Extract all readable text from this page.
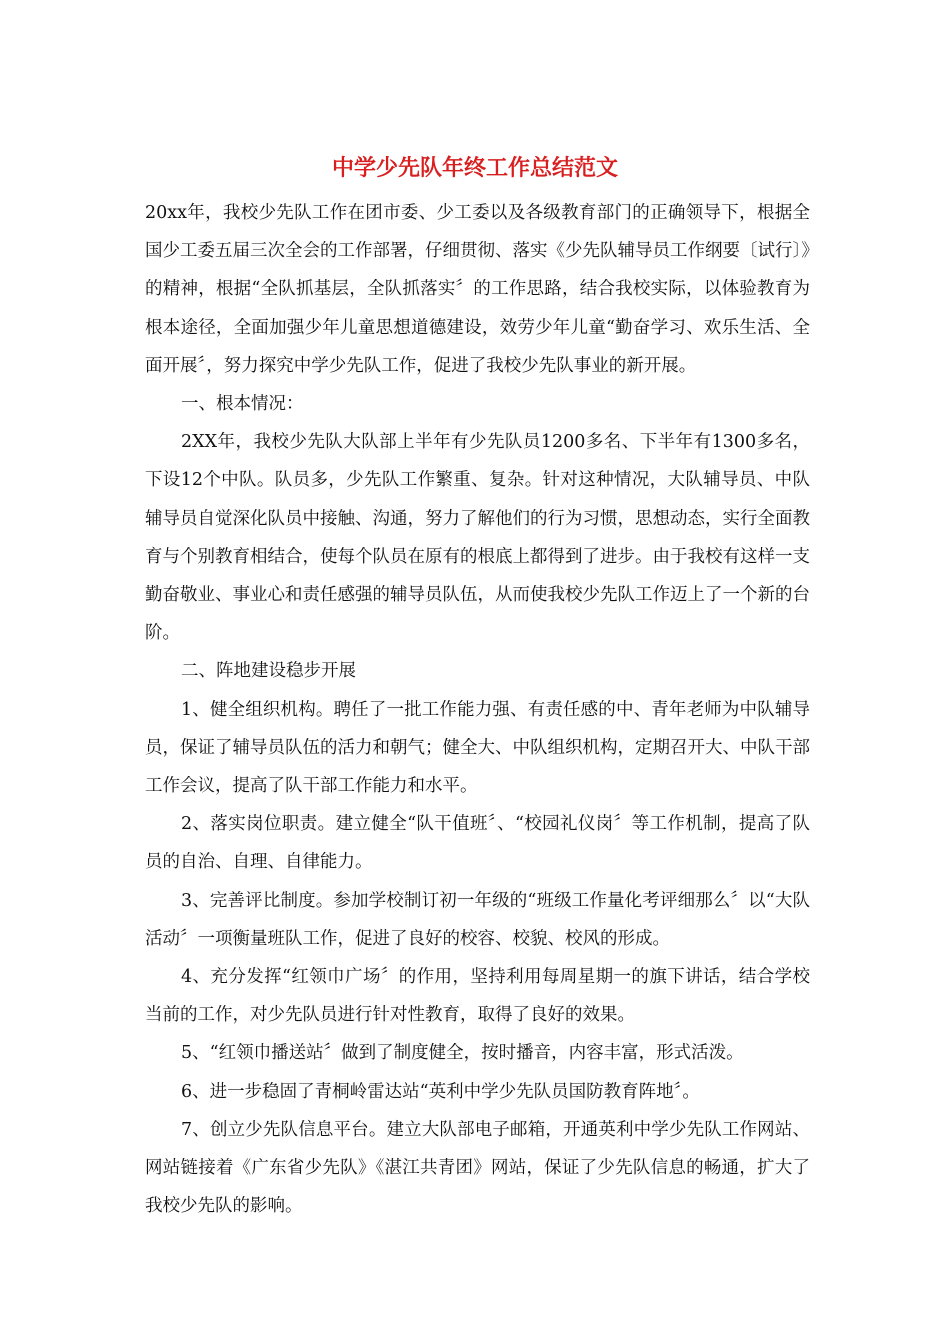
中学少先队年终工作总结范文

20xx年，我校少先队工作在团市委、少工委以及各级教育部门的正确领导下，根据全国少工委五届三次全会的工作部署，仔细贯彻、落实《少先队辅导员工作纲要〔试行〕》的精神，根据“全队抓基层，全队抓落实〞的工作思路，结合我校实际，以体验教育为根本途径，全面加强少年儿童思想道德建设，效劳少年儿童“勤奋学习、欢乐生活、全面开展〞，努力探究中学少先队工作，促进了我校少先队事业的新开展。

一、根本情况：

2XX年，我校少先队大队部上半年有少先队员1200多名、下半年有1300多名，下设12个中队。队员多，少先队工作繁重、复杂。针对这种情况，大队辅导员、中队辅导员自觉深化队员中接触、沟通，努力了解他们的行为习惯，思想动态，实行全面教育与个别教育相结合，使每个队员在原有的根底上都得到了进步。由于我校有这样一支勤奋敬业、事业心和责任感强的辅导员队伍，从而使我校少先队工作迈上了一个新的台阶。

二、阵地建设稳步开展

1、健全组织机构。聘任了一批工作能力强、有责任感的中、青年老师为中队辅导员，保证了辅导员队伍的活力和朝气；健全大、中队组织机构，定期召开大、中队干部工作会议，提高了队干部工作能力和水平。

2、落实岗位职责。建立健全“队干值班〞、“校园礼仪岗〞等工作机制，提高了队员的自治、自理、自律能力。

3、完善评比制度。参加学校制订初一年级的“班级工作量化考评细那么〞以“大队活动〞一项衡量班队工作，促进了良好的校容、校貌、校风的形成。

4、充分发挥“红领巾广场〞的作用，坚持利用每周星期一的旗下讲话，结合学校当前的工作，对少先队员进行针对性教育，取得了良好的效果。

5、“红领巾播送站〞做到了制度健全，按时播音，内容丰富，形式活泼。

6、进一步稳固了青桐岭雷达站“英利中学少先队员国防教育阵地〞。

7、创立少先队信息平台。建立大队部电子邮箱，开通英利中学少先队工作网站、网站链接着《广东省少先队》《湛江共青团》网站，保证了少先队信息的畅通，扩大了我校少先队的影响。
